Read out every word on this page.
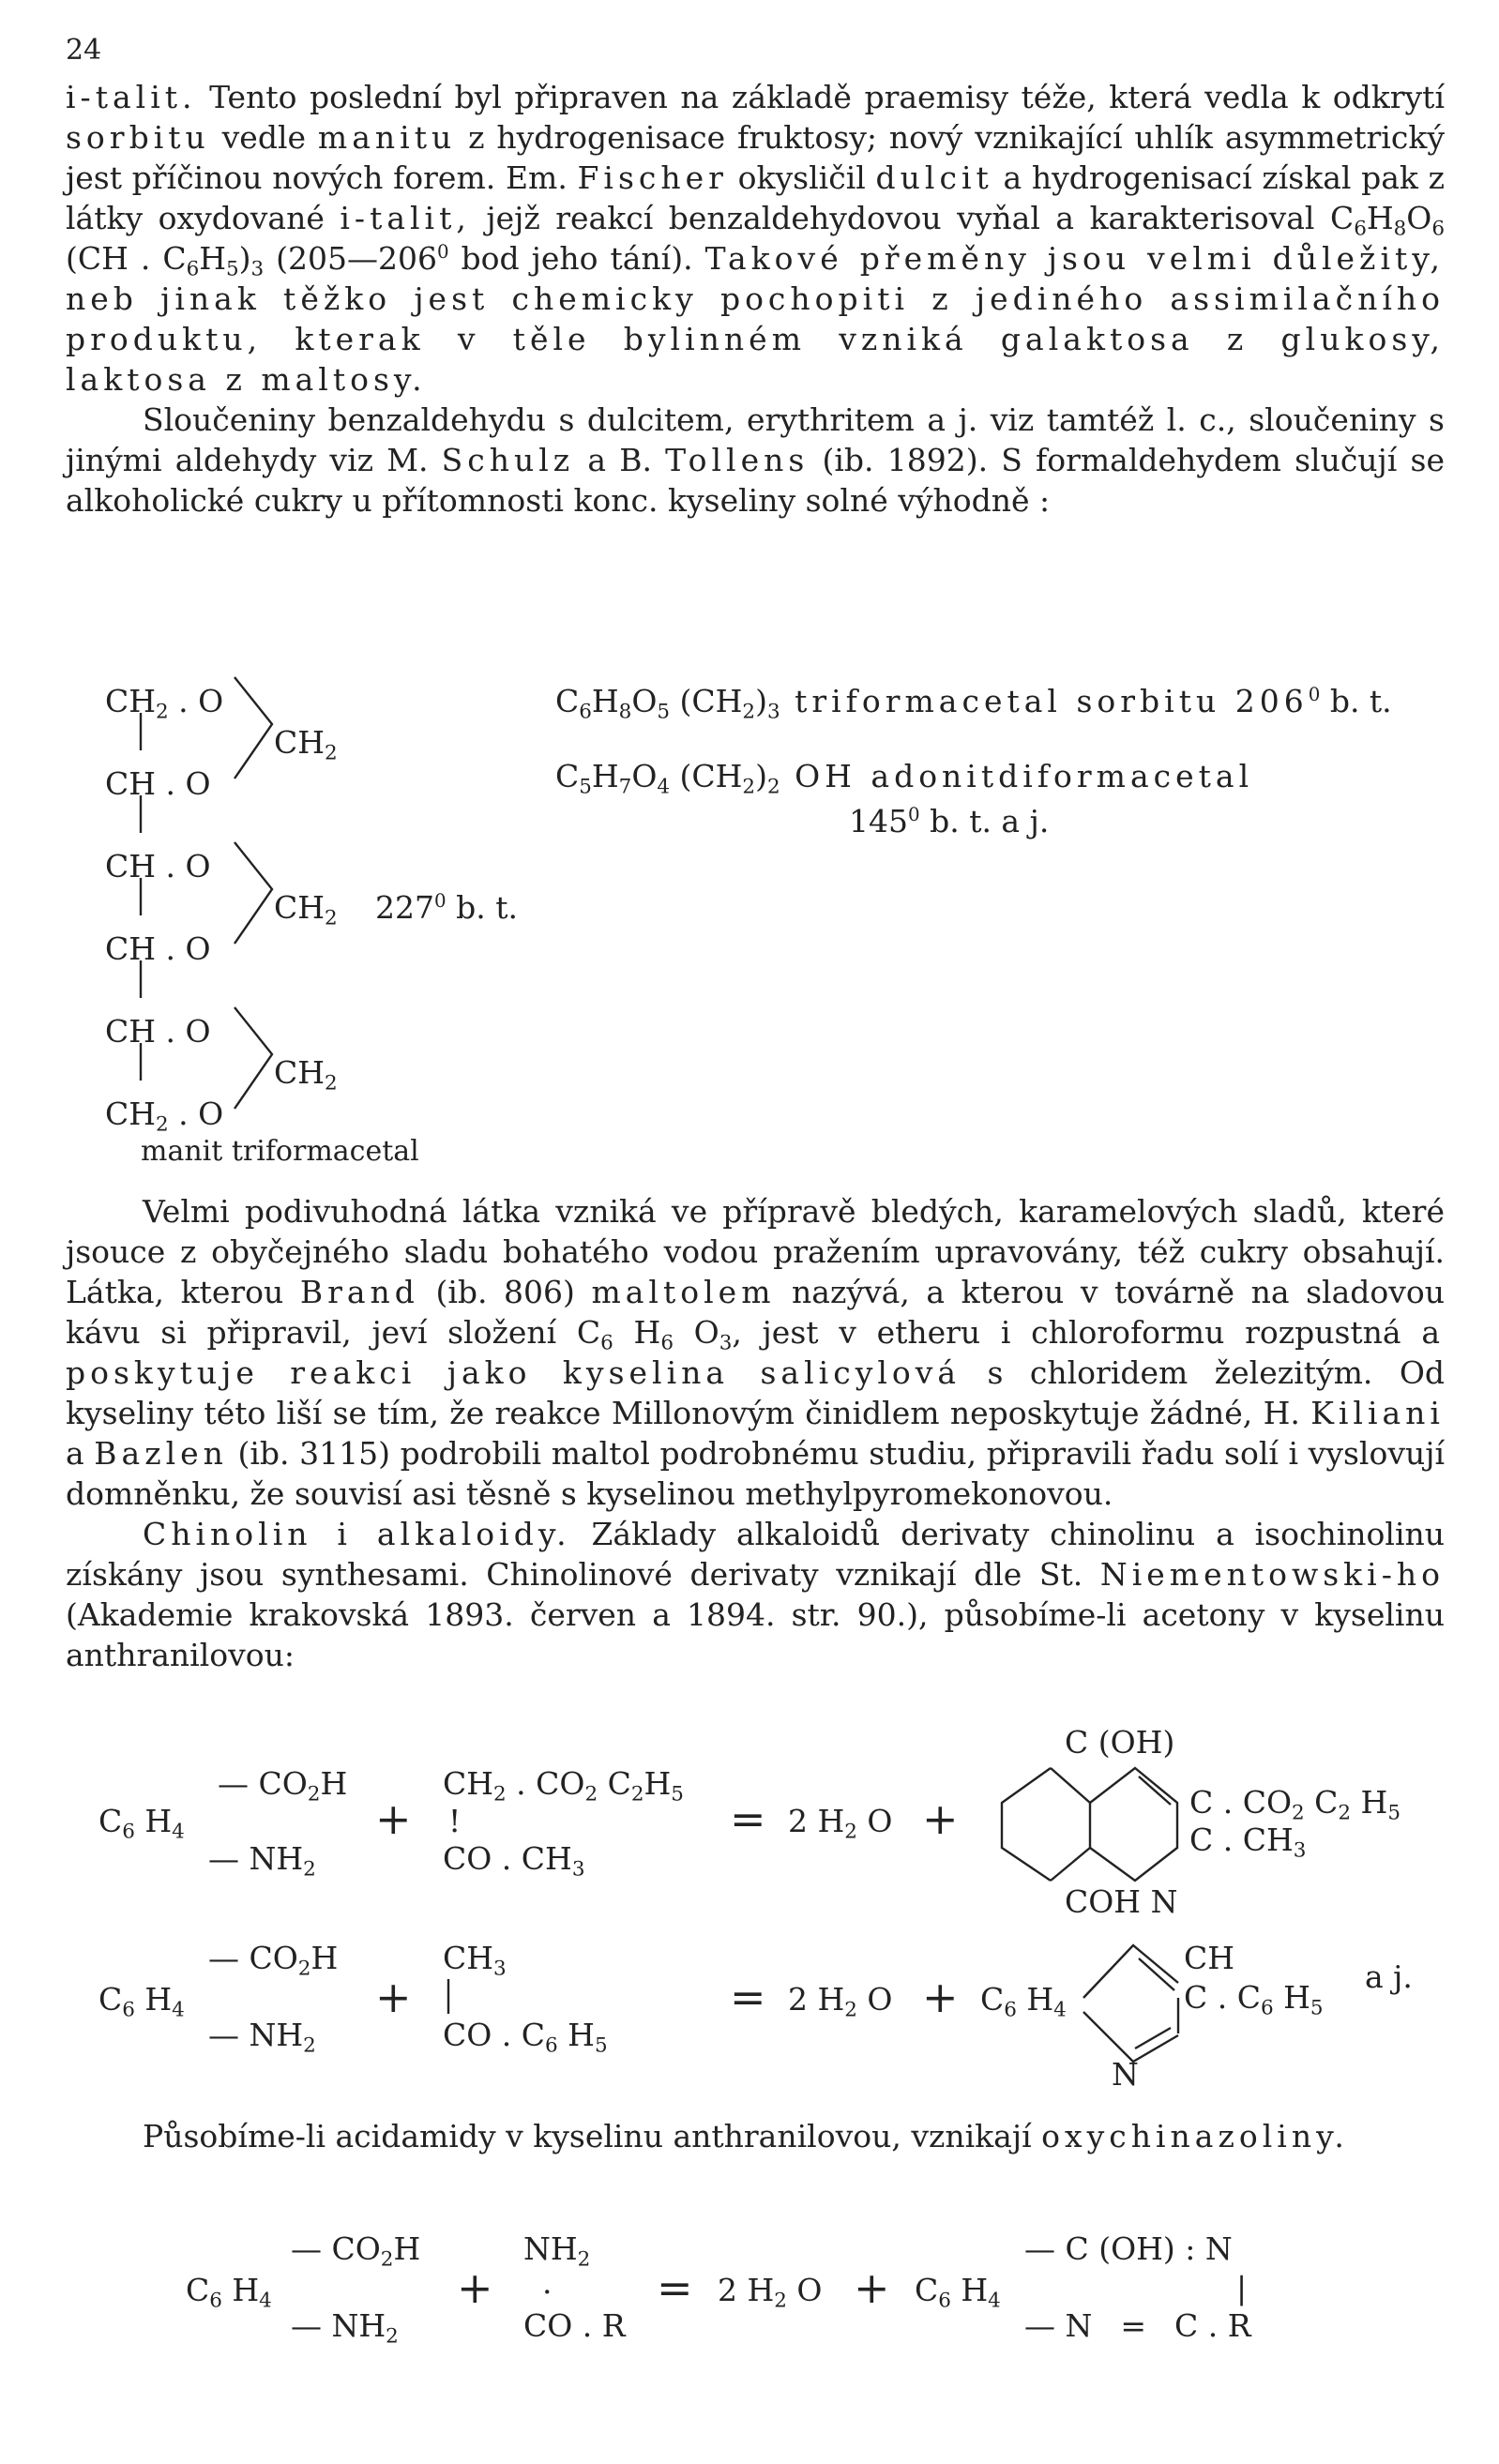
24

i-talit. Tento poslední byl připraven na základě praemisy téže, která vedla k odkrytí sorbitu vedle manitu z hydrogenisace fruktosy; nový vznikající uhlík asymmetrický jest příčinou nových forem. Em. Fischer okysličil dulcit a hydrogenisací získal pak z látky oxydované i-talit, jejž reakcí benzaldehydovou vyňal a karakterisoval $C_6H_8O_6$ (CH . $C_6H_5)_3$ ($205—206^0$ bod jeho tání). Takové přeměny jsou velmi důležity, neb jinak těžko jest chemicky pochopiti z jediného assimilačního produktu, kterak v těle bylinném vzniká galaktosa z glukosy, laktosa z maltosy.

Sloučeniny benzaldehydu s dulcitem, erythritem a j. viz tamtéž l. c., sloučeniny s jinými aldehydy viz M. Schulz a B. Tollens (ib. 1892). S formaldehydem slučují se alkoholické cukry u přítomnosti konc. kyseliny solné výhodně :

$CH_2$ . O
CH . O
CH . O
CH . O
CH . O
$CH_2$ . O
$CH_2$
$CH_2$
$CH_2$
$227^0$ b. t.
manit triformacetal
$C_6H_8O_5$ $(CH_2)_3$ triformacetal sorbitu $206^0$ b. t.
$C_5H_7O_4$ $(CH_2)_2$ OH adonitdiformacetal
$145^0$ b. t. a j.

Velmi podivuhodná látka vzniká ve přípravě bledých, karamelových sladů, které jsouce z obyčejného sladu bohatého vodou pražením upravovány, též cukry obsahují. Látka, kterou Brand (ib. 806) maltolem nazývá, a kterou v továrně na sladovou kávu si připravil, jeví složení $C_6$ $H_6$ $O_3$, jest v etheru i chloroformu rozpustná a poskytuje reakci jako kyselina salicylová s chloridem železitým. Od kyseliny této liší se tím, že reakce Millonovým činidlem neposkytuje žádné, H. Kiliani a Bazlen (ib. 3115) podrobili maltol podrobnému studiu, připravili řadu solí i vyslovují domněnku, že souvisí asi těsně s kyselinou methylpyromekonovou.

Chinolin i alkaloidy. Základy alkaloidů derivaty chinolinu a isochinolinu získány jsou synthesami. Chinolinové derivaty vznikají dle St. Niementowski-ho (Akademie krakovská 1893. červen a 1894. str. 90.), působíme-li acetony v kyselinu anthranilovou:

$C_6$ $H_4$
— $CO_2H$
— $NH_2$
+
$CH_2$ . $CO_2$ $C_2H_5$
!
CO . $CH_3$
= 2 $H_2$ O +
C (OH)
C . $CO_2$ $C_2$ $H_5$
C . $CH_3$
COH N
$C_6$ $H_4$
— $CO_2H$
— $NH_2$
+
$CH_3$
CO . $C_6$ $H_5$
= 2 $H_2$ $O + C_6$ $H_4$
CH
C . $C_6$ $H_5$
N
a j.

Působíme-li acidamidy v kyselinu anthranilovou, vznikají oxychinazoliny.

$C_6$ $H_4$
— $CO_2H$
— $NH_2$
+
$NH_2$
.
CO . R
= 2 $H_2$ $O + C_6$ $H_4$
— C (OH) : N
|
— N = C . R
